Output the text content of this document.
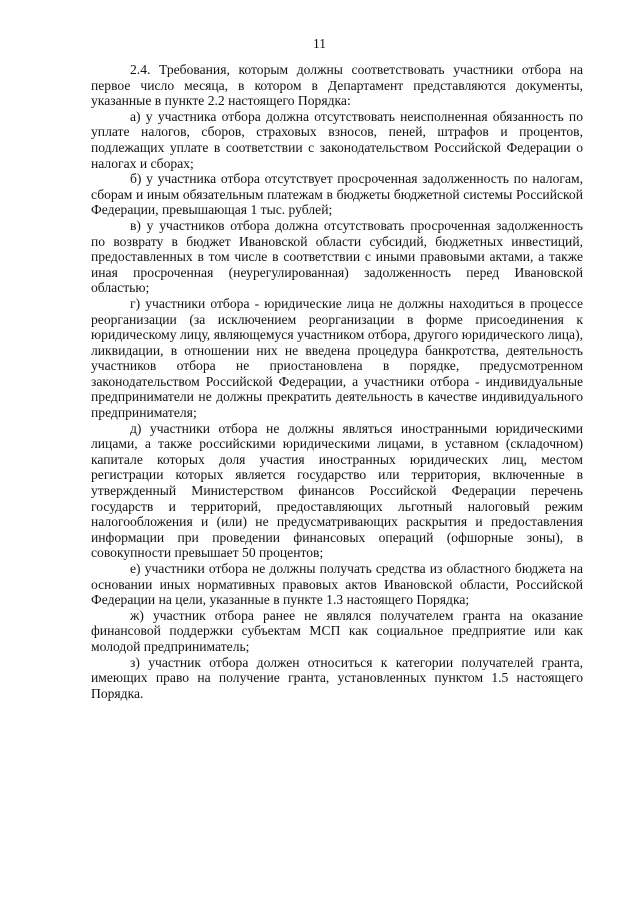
11

2.4. Требования, которым должны соответствовать участники отбора на первое число месяца, в котором в Департамент представляются документы, указанные в пункте 2.2 настоящего Порядка:

а) у участника отбора должна отсутствовать неисполненная обязанность по уплате налогов, сборов, страховых взносов, пеней, штрафов и процентов, подлежащих уплате в соответствии с законодательством Российской Федерации о налогах и сборах;

б) у участника отбора отсутствует просроченная задолженность по налогам, сборам и иным обязательным платежам в бюджеты бюджетной системы Российской Федерации, превышающая 1 тыс. рублей;

в) у участников отбора должна отсутствовать просроченная задолженность по возврату в бюджет Ивановской области субсидий, бюджетных инвестиций, предоставленных в том числе в соответствии с иными правовыми актами, а также иная просроченная (неурегулированная) задолженность перед Ивановской областью;

г) участники отбора - юридические лица не должны находиться в процессе реорганизации (за исключением реорганизации в форме присоединения к юридическому лицу, являющемуся участником отбора, другого юридического лица), ликвидации, в отношении них не введена процедура банкротства, деятельность участников отбора не приостановлена в порядке, предусмотренном законодательством Российской Федерации, а участники отбора - индивидуальные предприниматели не должны прекратить деятельность в качестве индивидуального предпринимателя;

д) участники отбора не должны являться иностранными юридическими лицами, а также российскими юридическими лицами, в уставном (складочном) капитале которых доля участия иностранных юридических лиц, местом регистрации которых является государство или территория, включенные в утвержденный Министерством финансов Российской Федерации перечень государств и территорий, предоставляющих льготный налоговый режим налогообложения и (или) не предусматривающих раскрытия и предоставления информации при проведении финансовых операций (офшорные зоны), в совокупности превышает 50 процентов;

е) участники отбора не должны получать средства из областного бюджета на основании иных нормативных правовых актов Ивановской области, Российской Федерации на цели, указанные в пункте 1.3 настоящего Порядка;

ж) участник отбора ранее не являлся получателем гранта на оказание финансовой поддержки субъектам МСП как социальное предприятие или как молодой предприниматель;

з) участник отбора должен относиться к категории получателей гранта, имеющих право на получение гранта, установленных пунктом 1.5 настоящего Порядка.
